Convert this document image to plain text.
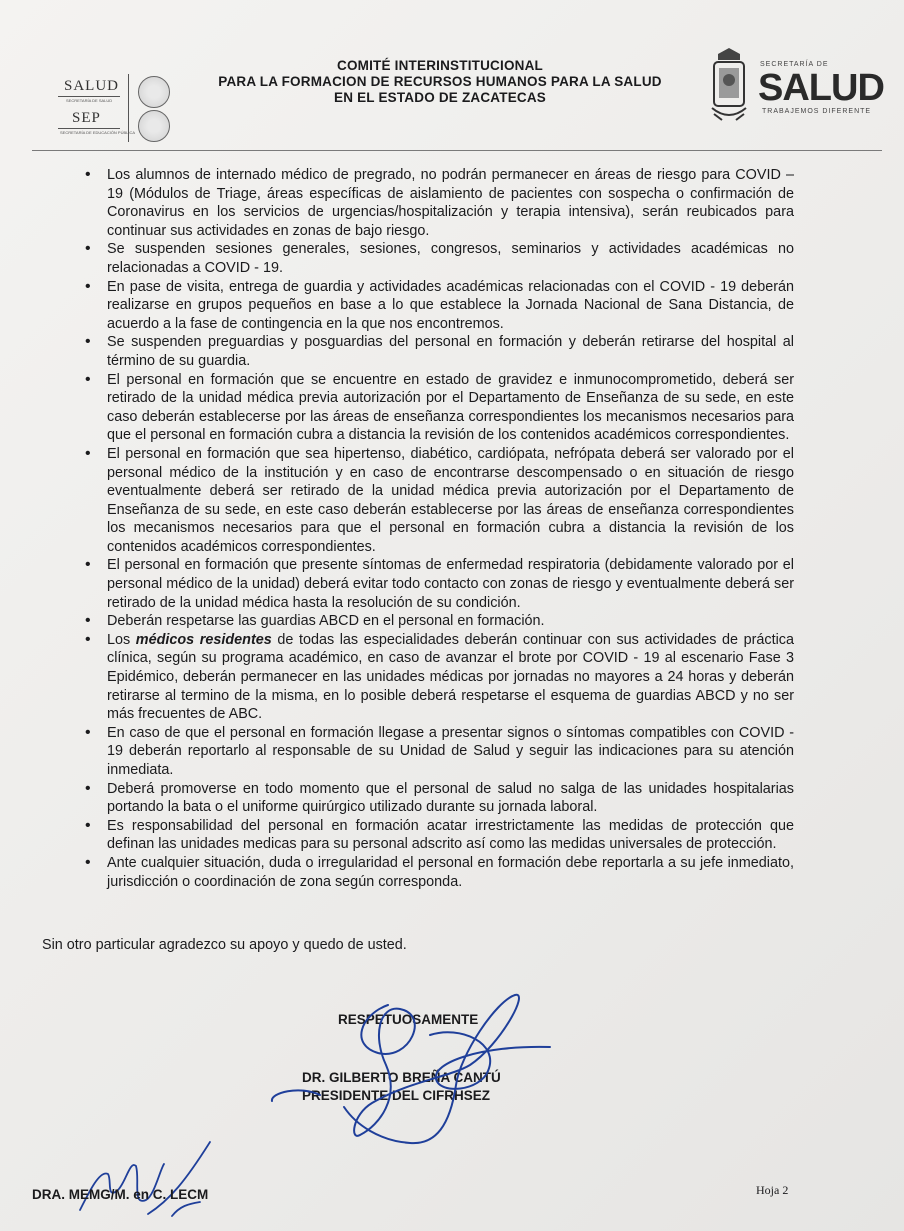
SALUD
SECRETARÍA DE SALUD
SEP
SECRETARÍA DE EDUCACIÓN PÚBLICA
COMITÉ INTERINSTITUCIONAL
PARA LA FORMACION DE RECURSOS HUMANOS PARA LA SALUD
EN EL ESTADO DE ZACATECAS
SECRETARÍA DE
SALUD
TRABAJEMOS DIFERENTE
• Los alumnos de internado médico de pregrado, no podrán permanecer en áreas de riesgo para COVID – 19 (Módulos de Triage, áreas específicas de aislamiento de pacientes con sospecha o confirmación de Coronavirus en los servicios de urgencias/hospitalización y terapia intensiva), serán reubicados para continuar sus actividades en zonas de bajo riesgo.
• Se suspenden sesiones generales, sesiones, congresos, seminarios y actividades académicas no relacionadas a COVID - 19.
• En pase de visita, entrega de guardia y actividades académicas relacionadas con el COVID - 19 deberán realizarse en grupos pequeños en base a lo que establece la Jornada Nacional de Sana Distancia, de acuerdo a la fase de contingencia en la que nos encontremos.
• Se suspenden preguardias y posguardias del personal en formación y deberán retirarse del hospital al término de su guardia.
• El personal en formación que se encuentre en estado de gravidez e inmunocomprometido, deberá ser retirado de la unidad médica previa autorización por el Departamento de Enseñanza de su sede, en este caso deberán establecerse por las áreas de enseñanza correspondientes los mecanismos necesarios para que el personal en formación cubra a distancia la revisión de los contenidos académicos correspondientes.
• El personal en formación que sea hipertenso, diabético, cardiópata, nefrópata deberá ser valorado por el personal médico de la institución y en caso de encontrarse descompensado o en situación de riesgo eventualmente deberá ser retirado de la unidad médica previa autorización por el Departamento de Enseñanza de su sede, en este caso deberán establecerse por las áreas de enseñanza correspondientes los mecanismos necesarios para que el personal en formación cubra a distancia la revisión de los contenidos académicos correspondientes.
• El personal en formación que presente síntomas de enfermedad respiratoria (debidamente valorado por el personal médico de la unidad) deberá evitar todo contacto con zonas de riesgo y eventualmente deberá ser retirado de la unidad médica hasta la resolución de su condición.
• Deberán respetarse las guardias ABCD en el personal en formación.
• Los médicos residentes de todas las especialidades deberán continuar con sus actividades de práctica clínica, según su programa académico, en caso de avanzar el brote por COVID - 19 al escenario Fase 3 Epidémico, deberán permanecer en las unidades médicas por jornadas no mayores a 24 horas y deberán retirarse al termino de la misma, en lo posible deberá respetarse el esquema de guardias ABCD y no ser más frecuentes de ABC.
• En caso de que el personal en formación llegase a presentar signos o síntomas compatibles con COVID - 19 deberán reportarlo al responsable de su Unidad de Salud y seguir las indicaciones para su atención inmediata.
• Deberá promoverse en todo momento que el personal de salud no salga de las unidades hospitalarias portando la bata o el uniforme quirúrgico utilizado durante su jornada laboral.
• Es responsabilidad del personal en formación acatar irrestrictamente las medidas de protección que definan las unidades medicas para su personal adscrito así como las medidas universales de protección.
• Ante cualquier situación, duda o irregularidad el personal en formación debe reportarla a su jefe inmediato, jurisdicción o coordinación de zona según corresponda.
Sin otro particular agradezco su apoyo y quedo de usted.
RESPETUOSAMENTE
DR. GILBERTO BREÑA CANTÚ
PRESIDENTE DEL CIFRHSEZ
DRA. MEMG/M. en C. LECM	Hoja 2
